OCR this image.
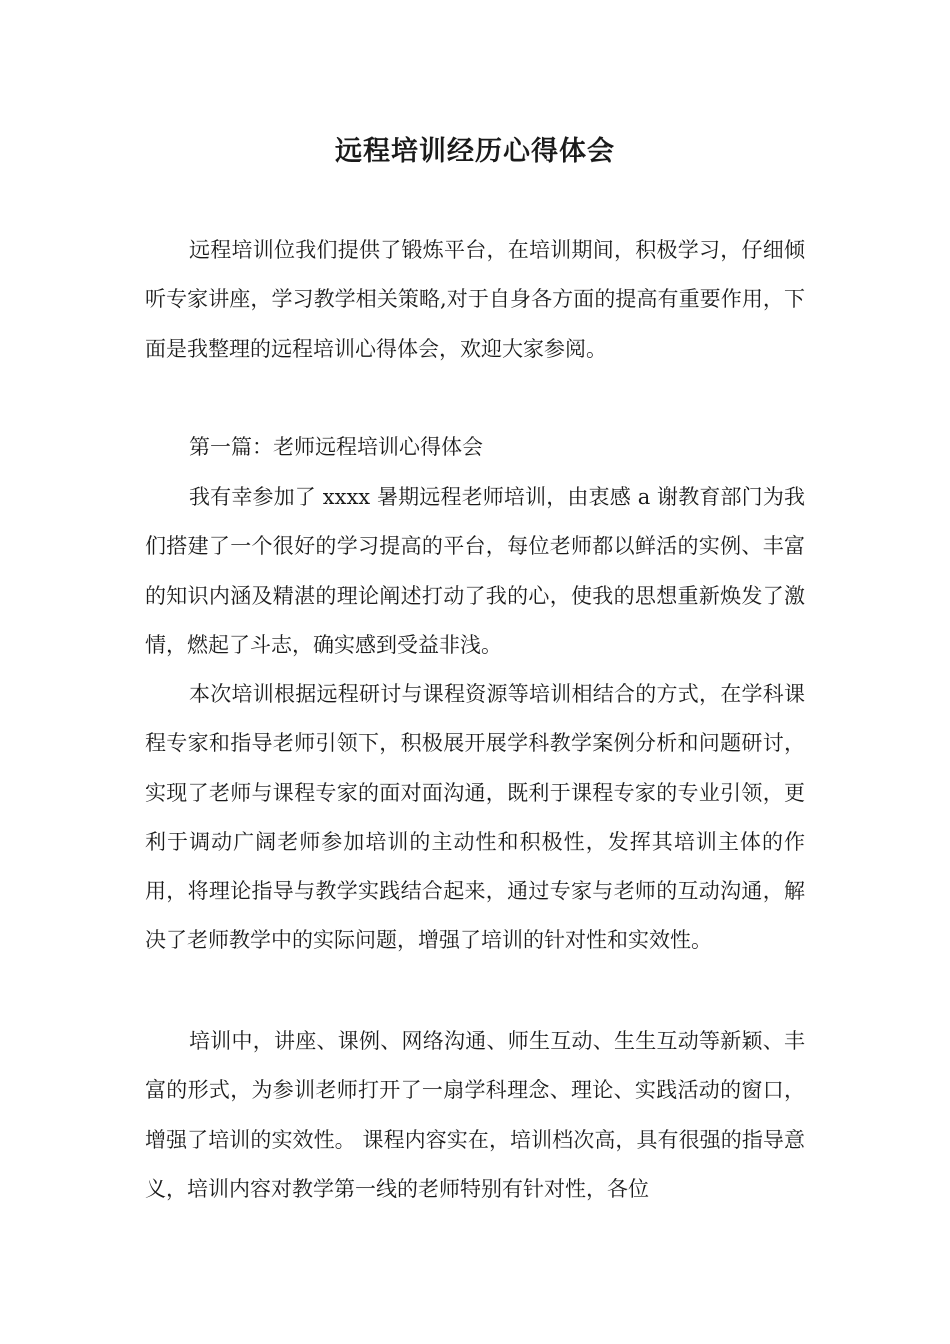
远程培训经历心得体会

远程培训位我们提供了锻炼平台，在培训期间，积极学习，仔细倾听专家讲座，学习教学相关策略,对于自身各方面的提高有重要作用，下面是我整理的远程培训心得体会，欢迎大家参阅。

第一篇：老师远程培训心得体会

我有幸参加了 xxxx 暑期远程老师培训，由衷感 a 谢教育部门为我们搭建了一个很好的学习提高的平台，每位老师都以鲜活的实例、丰富的知识内涵及精湛的理论阐述打动了我的心，使我的思想重新焕发了激情，燃起了斗志，确实感到受益非浅。

本次培训根据远程研讨与课程资源等培训相结合的方式，在学科课程专家和指导老师引领下，积极展开展学科教学案例分析和问题研讨，实现了老师与课程专家的面对面沟通，既利于课程专家的专业引领，更利于调动广阔老师参加培训的主动性和积极性，发挥其培训主体的作用，将理论指导与教学实践结合起来，通过专家与老师的互动沟通，解决了老师教学中的实际问题，增强了培训的针对性和实效性。

培训中，讲座、课例、网络沟通、师生互动、生生互动等新颖、丰富的形式，为参训老师打开了一扇学科理念、理论、实践活动的窗口，增强了培训的实效性。 课程内容实在，培训档次高，具有很强的指导意义，培训内容对教学第一线的老师特别有针对性，各位
